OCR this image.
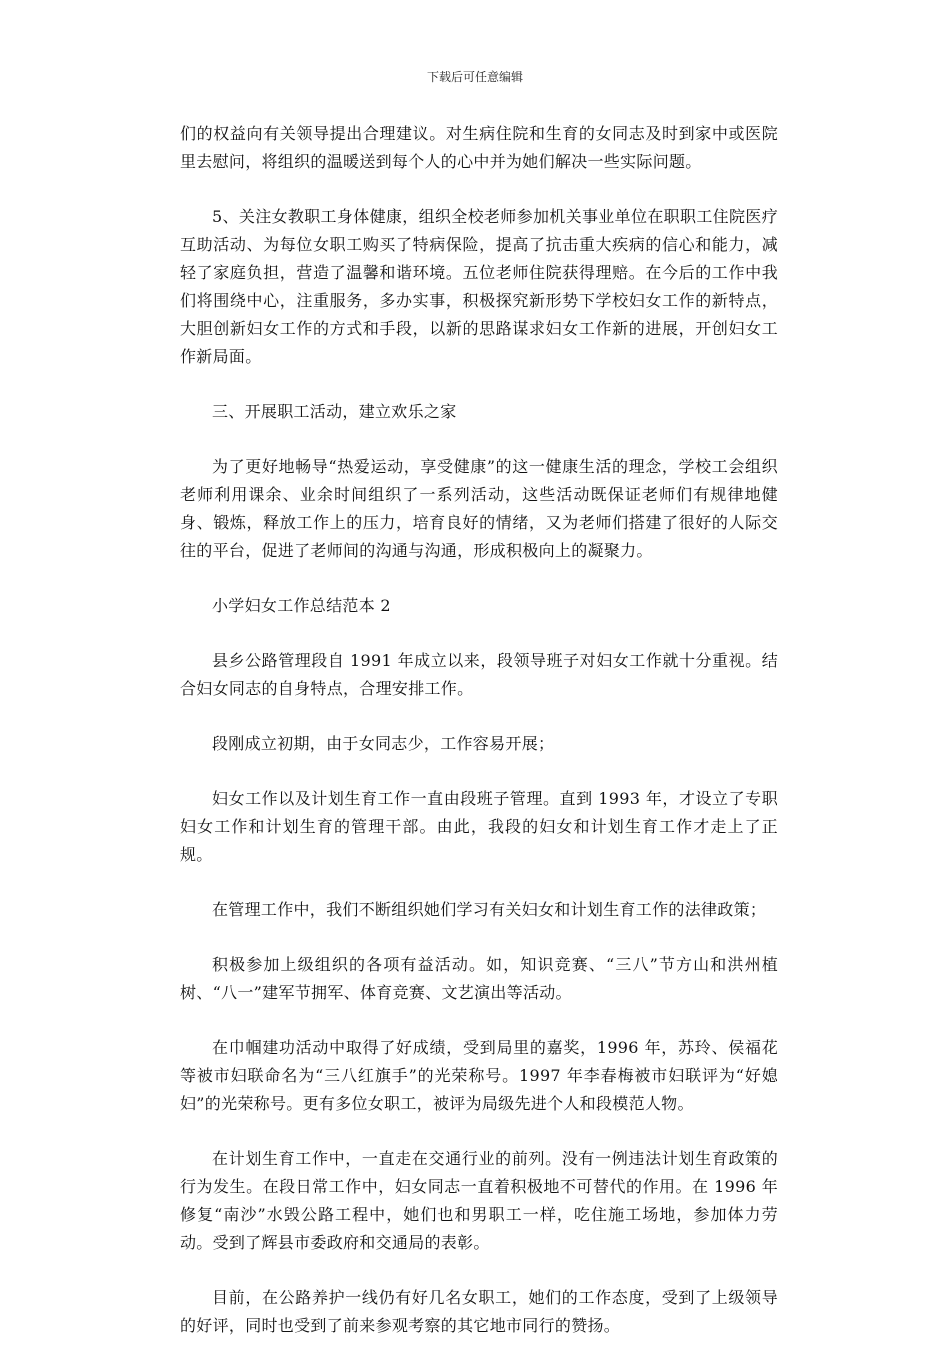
下载后可任意编辑

们的权益向有关领导提出合理建议。对生病住院和生育的女同志及时到家中或医院里去慰问，将组织的温暖送到每个人的心中并为她们解决一些实际问题。

5、关注女教职工身体健康，组织全校老师参加机关事业单位在职职工住院医疗互助活动、为每位女职工购买了特病保险，提高了抗击重大疾病的信心和能力，减轻了家庭负担，营造了温馨和谐环境。五位老师住院获得理赔。在今后的工作中我们将围绕中心，注重服务，多办实事，积极探究新形势下学校妇女工作的新特点，大胆创新妇女工作的方式和手段，以新的思路谋求妇女工作新的进展，开创妇女工作新局面。

三、开展职工活动，建立欢乐之家

为了更好地畅导“热爱运动，享受健康”的这一健康生活的理念，学校工会组织老师利用课余、业余时间组织了一系列活动，这些活动既保证老师们有规律地健身、锻炼，释放工作上的压力，培育良好的情绪，又为老师们搭建了很好的人际交往的平台，促进了老师间的沟通与沟通，形成积极向上的凝聚力。

小学妇女工作总结范本 2

县乡公路管理段自 1991 年成立以来，段领导班子对妇女工作就十分重视。结合妇女同志的自身特点，合理安排工作。

段刚成立初期，由于女同志少，工作容易开展；

妇女工作以及计划生育工作一直由段班子管理。直到 1993 年，才设立了专职妇女工作和计划生育的管理干部。由此，我段的妇女和计划生育工作才走上了正规。

在管理工作中，我们不断组织她们学习有关妇女和计划生育工作的法律政策；

积极参加上级组织的各项有益活动。如，知识竞赛、“三八”节方山和洪州植树、“八一”建军节拥军、体育竞赛、文艺演出等活动。

在巾帼建功活动中取得了好成绩，受到局里的嘉奖，1996 年，苏玲、侯福花等被市妇联命名为“三八红旗手”的光荣称号。1997 年李春梅被市妇联评为“好媳妇”的光荣称号。更有多位女职工，被评为局级先进个人和段模范人物。

在计划生育工作中，一直走在交通行业的前列。没有一例违法计划生育政策的行为发生。在段日常工作中，妇女同志一直着积极地不可替代的作用。在 1996 年修复“南沙”水毁公路工程中，她们也和男职工一样，吃住施工场地，参加体力劳动。受到了辉县市委政府和交通局的表彰。

目前，在公路养护一线仍有好几名女职工，她们的工作态度，受到了上级领导的好评，同时也受到了前来参观考察的其它地市同行的赞扬。
